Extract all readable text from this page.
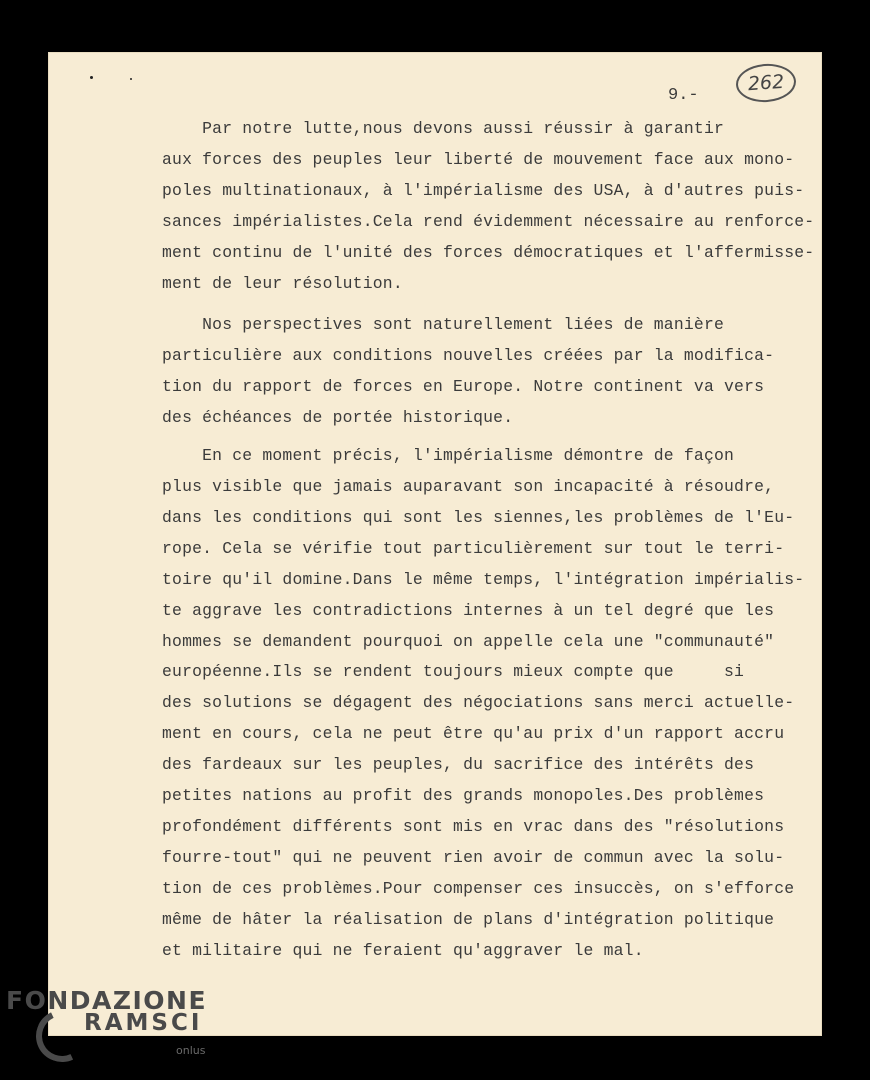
9.-
262

Par notre lutte,nous devons aussi réussir à garantir
aux forces des peuples leur liberté de mouvement face aux mono-
poles multinationaux, à l'impérialisme des USA, à d'autres puis-
sances impérialistes.Cela rend évidemment nécessaire au renforce-
ment continu de l'unité des forces démocratiques et l'affermisse-
ment de leur résolution.

Nos perspectives sont naturellement liées de manière
particulière aux conditions nouvelles créées par la modifica-
tion du rapport de forces en Europe. Notre continent va vers
des échéances de portée historique.

En ce moment précis, l'impérialisme démontre de façon
plus visible que jamais auparavant son incapacité à résoudre,
dans les conditions qui sont les siennes,les problèmes de l'Eu-
rope. Cela se vérifie tout particulièrement sur tout le terri-
toire qu'il domine.Dans le même temps, l'intégration impérialis-
te aggrave les contradictions internes à un tel degré que les
hommes se demandent pourquoi on appelle cela une "communauté"
européenne.Ils se rendent toujours mieux compte que     si
des solutions se dégagent des négociations sans merci actuelle-
ment en cours, cela ne peut être qu'au prix d'un rapport accru
des fardeaux sur les peuples, du sacrifice des intérêts des
petites nations au profit des grands monopoles.Des problèmes
profondément différents sont mis en vrac dans des "résolutions
fourre-tout" qui ne peuvent rien avoir de commun avec la solu-
tion de ces problèmes.Pour compenser ces insuccès, on s'efforce
même de hâter la réalisation de plans d'intégration politique
et militaire qui ne feraient qu'aggraver le mal.

FONDAZIONE
RAMSCI
onlus
